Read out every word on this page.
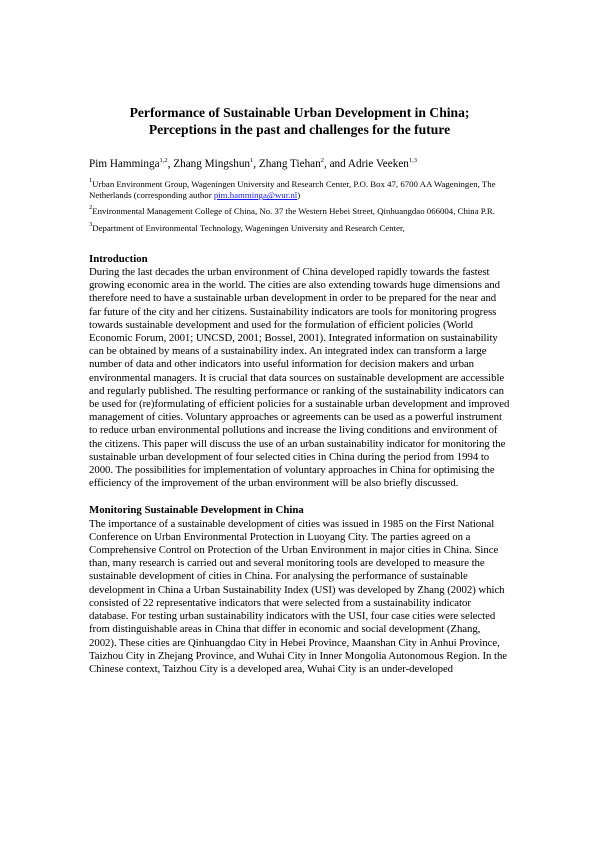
Performance of Sustainable Urban Development in China; Perceptions in the past and challenges for the future
Pim Hamminga$^{1,2}$, Zhang Mingshun$^1$, Zhang Tiehan$^2$, and Adrie Veeken$^{1,3}$
$^1$Urban Environment Group, Wageningen University and Research Center, P.O. Box 47, 6700 AA Wageningen, The Netherlands (corresponding author pim.hamminga@wur.nl)
$^2$Environmental Management College of China, No. 37 the Western Hebei Street, Qinhuangdao 066004, China P.R.
$^3$Department of Environmental Technology, Wageningen University and Research Center,
Introduction

During the last decades the urban environment of China developed rapidly towards the fastest growing economic area in the world. The cities are also extending towards huge dimensions and therefore need to have a sustainable urban development in order to be prepared for the near and far future of the city and her citizens. Sustainability indicators are tools for monitoring progress towards sustainable development and used for the formulation of efficient policies (World Economic Forum, 2001; UNCSD, 2001; Bossel, 2001). Integrated information on sustainability can be obtained by means of a sustainability index. An integrated index can transform a large number of data and other indicators into useful information for decision makers and urban environmental managers. It is crucial that data sources on sustainable development are accessible and regularly published. The resulting performance or ranking of the sustainability indicators can be used for (re)formulating of efficient policies for a sustainable urban development and improved management of cities. Voluntary approaches or agreements can be used as a powerful instrument to reduce urban environmental pollutions and increase the living conditions and environment of the citizens. This paper will discuss the use of an urban sustainability indicator for monitoring the sustainable urban development of four selected cities in China during the period from 1994 to 2000. The possibilities for implementation of voluntary approaches in China for optimising the efficiency of the improvement of the urban environment will be also briefly discussed.

Monitoring Sustainable Development in China

The importance of a sustainable development of cities was issued in 1985 on the First National Conference on Urban Environmental Protection in Luoyang City. The parties agreed on a Comprehensive Control on Protection of the Urban Environment in major cities in China. Since than, many research is carried out and several monitoring tools are developed to measure the sustainable development of cities in China. For analysing the performance of sustainable development in China a Urban Sustainability Index (USI) was developed by Zhang (2002) which consisted of 22 representative indicators that were selected from a sustainability indicator database. For testing urban sustainability indicators with the USI, four case cities were selected from distinguishable areas in China that differ in economic and social development (Zhang, 2002). These cities are Qinhuangdao City in Hebei Province, Maanshan City in Anhui Province, Taizhou City in Zhejang Province, and Wuhai City in Inner Mongolia Autonomous Region. In the Chinese context, Taizhou City is a developed area, Wuhai City is an under-developed
